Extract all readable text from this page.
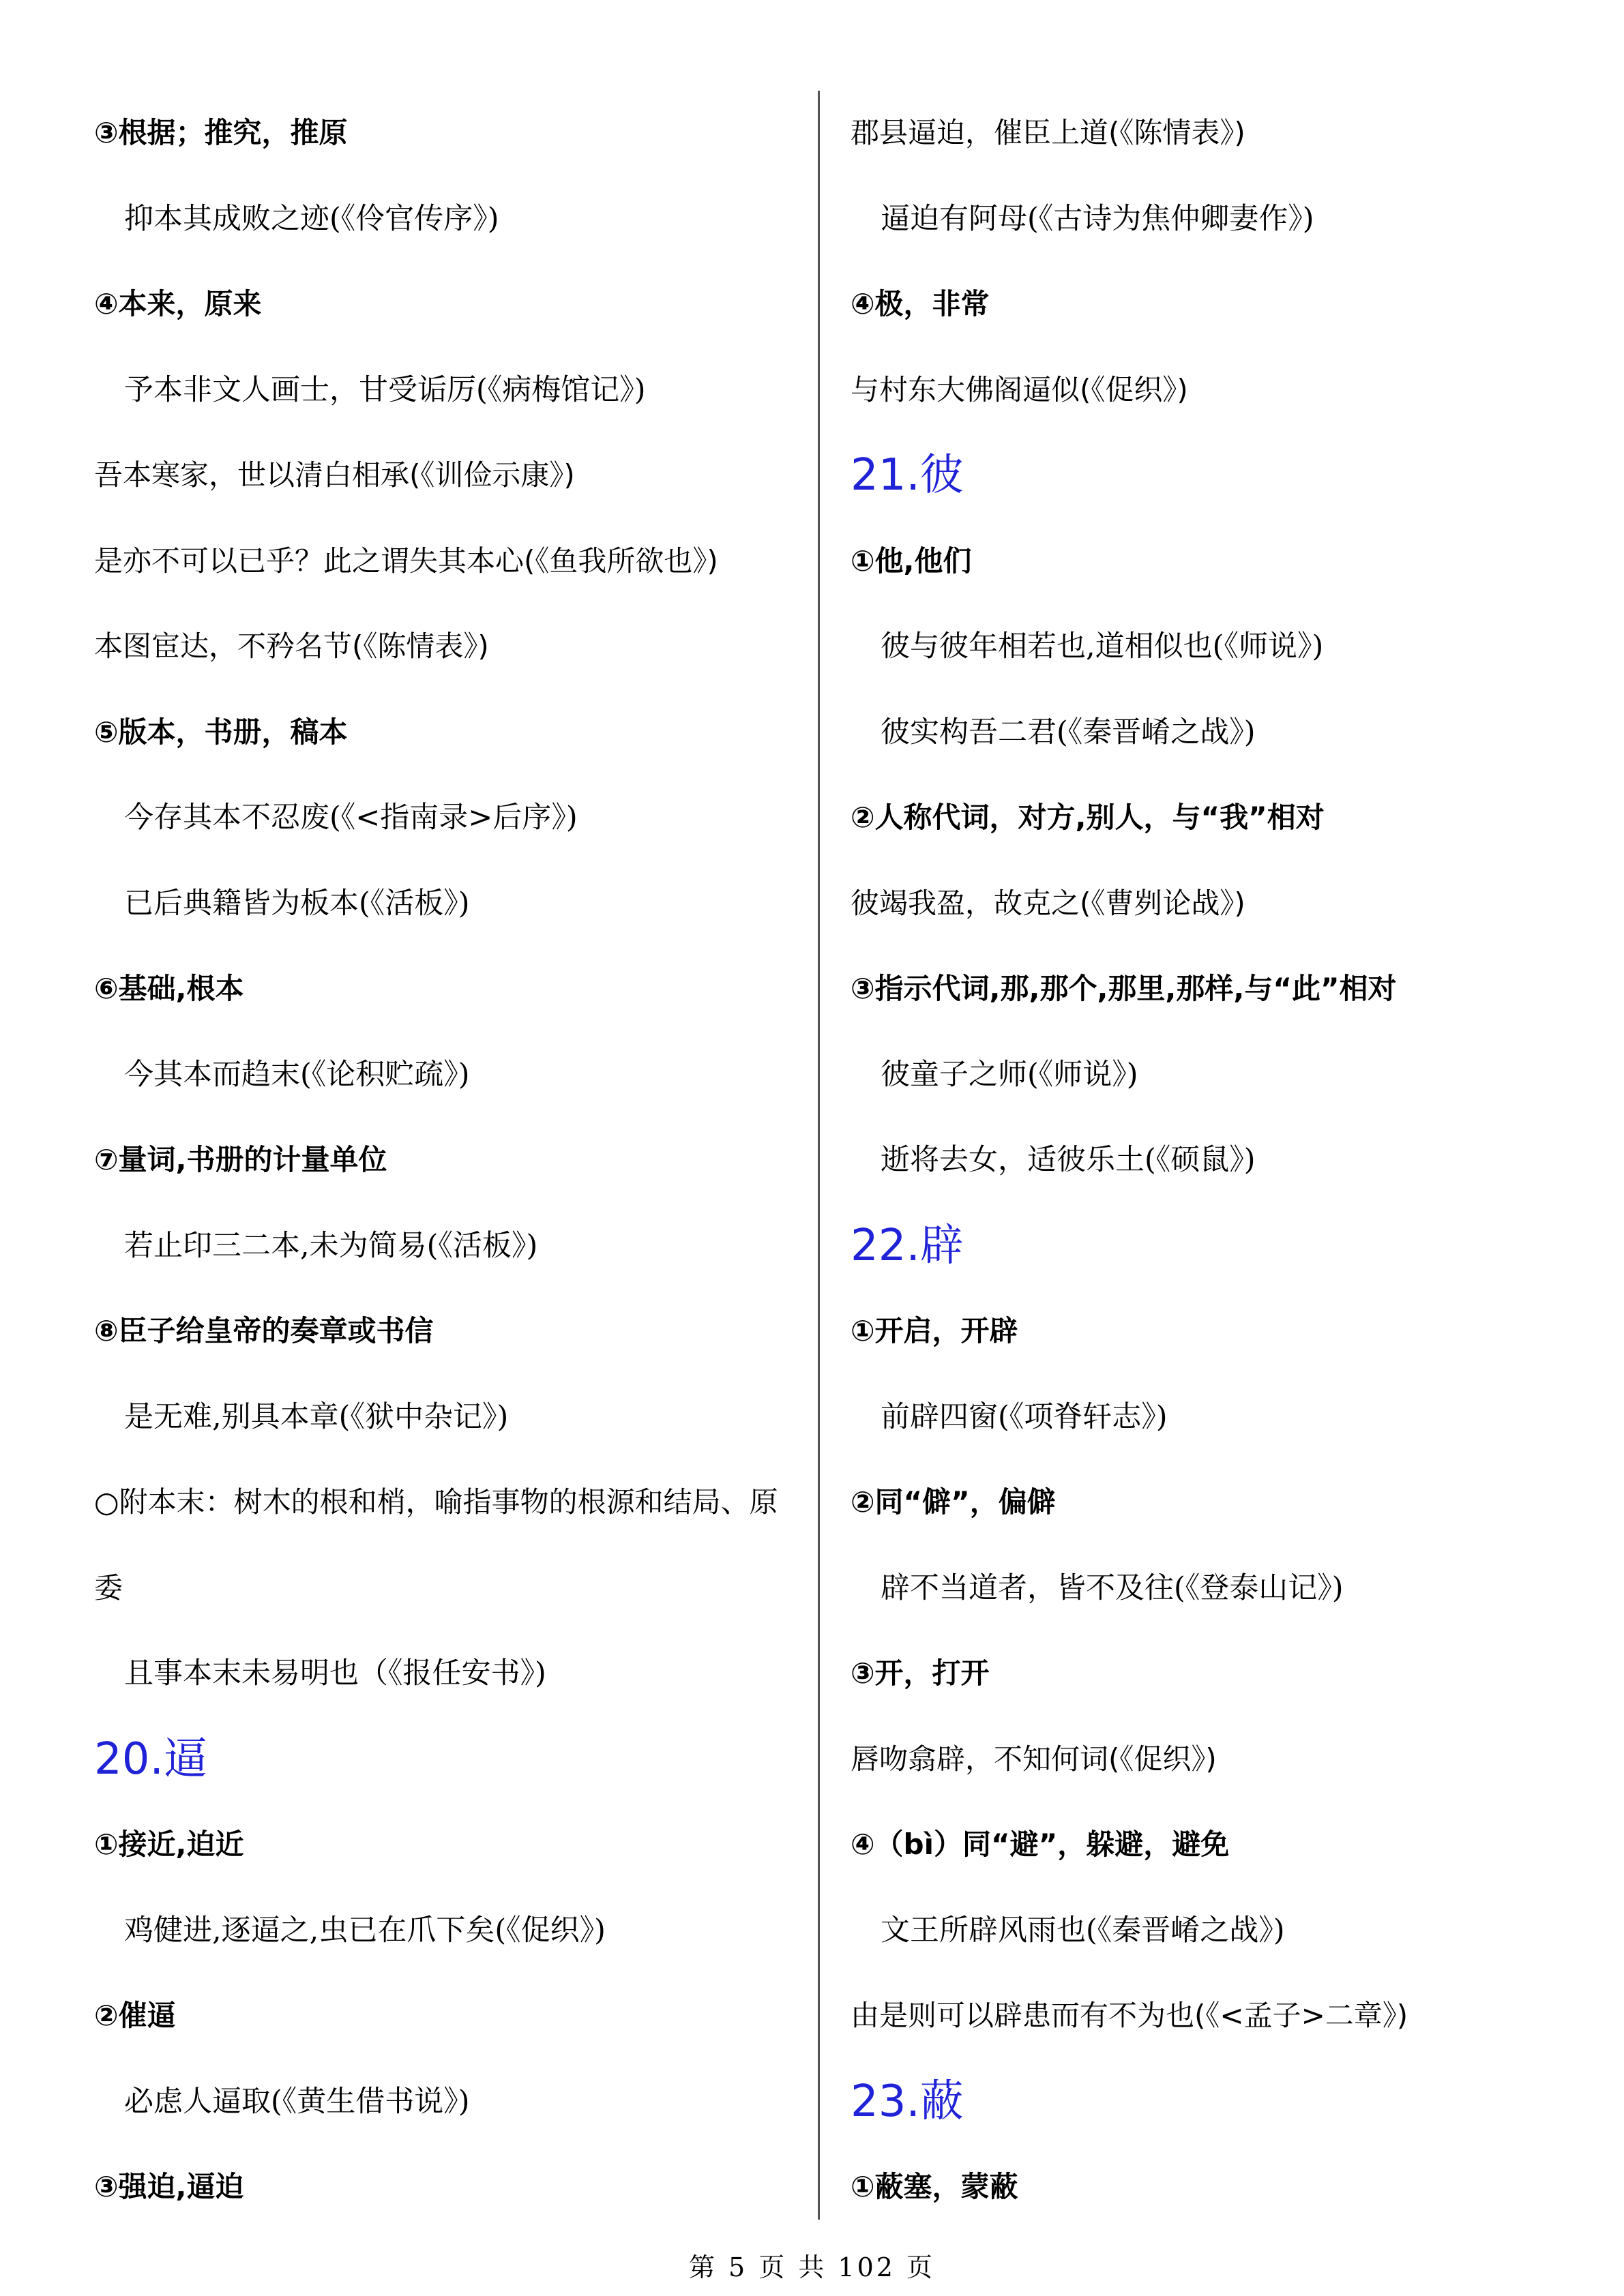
③根据；推究，推原
抑本其成败之迹(《伶官传序》)
④本来，原来
予本非文人画士，甘受诟厉(《病梅馆记》)
吾本寒家，世以清白相承(《训俭示康》)
是亦不可以已乎？此之谓失其本心(《鱼我所欲也》)
本图宦达，不矜名节(《陈情表》)
⑤版本，书册，稿本
今存其本不忍废(《<指南录>后序》)
已后典籍皆为板本(《活板》)
⑥基础,根本
今其本而趋末(《论积贮疏》)
⑦量词,书册的计量单位
若止印三二本,未为简易(《活板》)
⑧臣子给皇帝的奏章或书信
是无难,别具本章(《狱中杂记》)
○附本末：树木的根和梢，喻指事物的根源和结局、原
委
且事本末未易明也（《报任安书》)
20.逼
①接近,迫近
鸡健进,逐逼之,虫已在爪下矣(《促织》)
②催逼
必虑人逼取(《黄生借书说》)
③强迫,逼迫
郡县逼迫，催臣上道(《陈情表》)
逼迫有阿母(《古诗为焦仲卿妻作》)
④极，非常
与村东大佛阁逼似(《促织》)
21.彼
①他,他们
彼与彼年相若也,道相似也(《师说》)
彼实构吾二君(《秦晋崤之战》)
②人称代词，对方,别人，与“我”相对
彼竭我盈，故克之(《曹刿论战》)
③指示代词,那,那个,那里,那样,与“此”相对
彼童子之师(《师说》)
逝将去女，适彼乐土(《硕鼠》)
22.辟
①开启，开辟
前辟四窗(《项脊轩志》)
②同“僻”，偏僻
辟不当道者，皆不及往(《登泰山记》)
③开，打开
唇吻翕辟，不知何词(《促织》)
④（bì）同“避”，躲避，避免
文王所辟风雨也(《秦晋崤之战》)
由是则可以辟患而有不为也(《<孟子>二章》)
23.蔽
①蔽塞，蒙蔽
第 5 页 共 102 页
